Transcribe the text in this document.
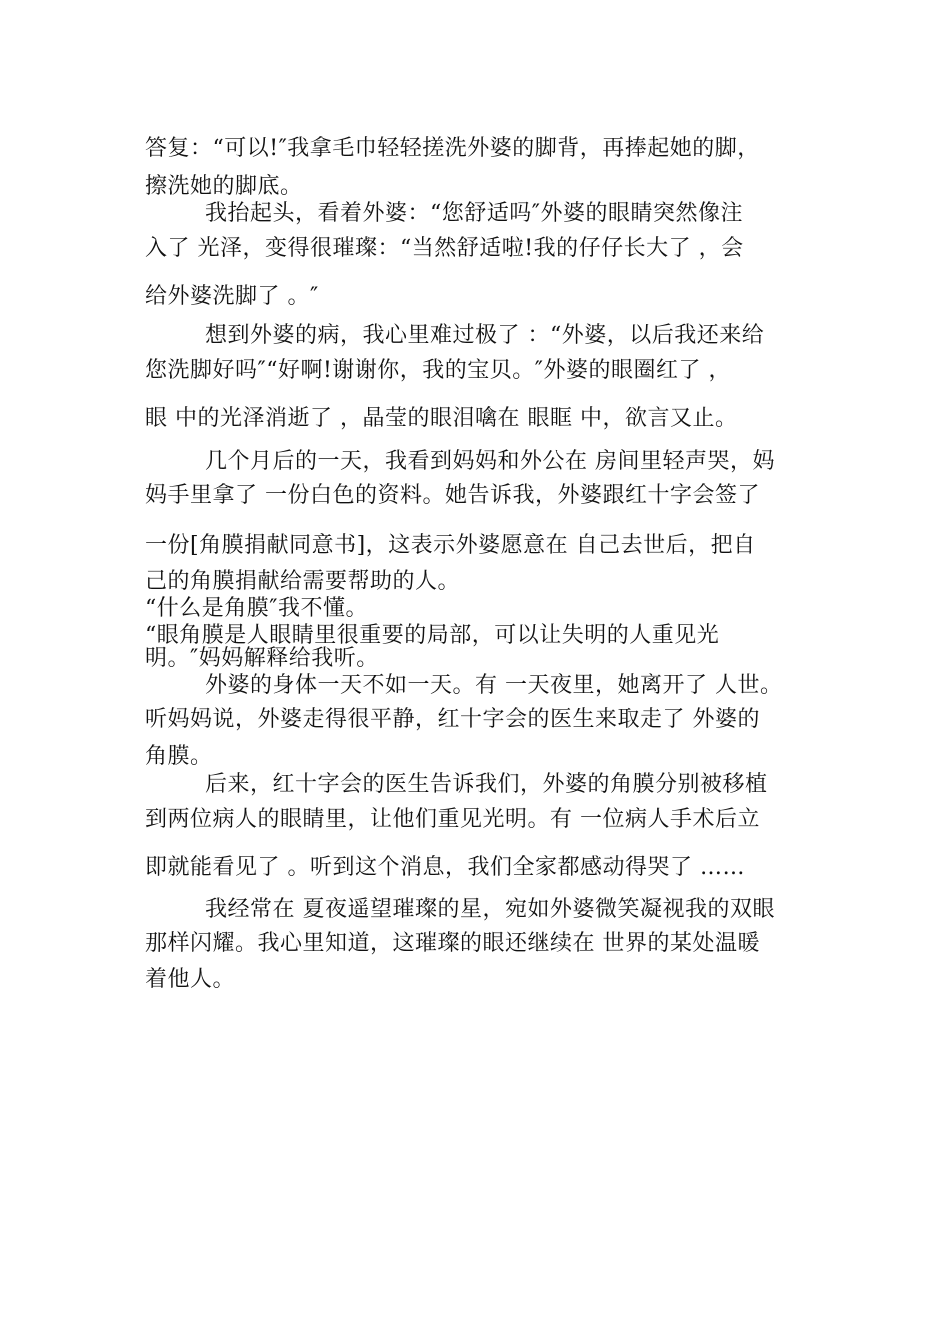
答复：“可以!″我拿毛巾轻轻搓洗外婆的脚背，再捧起她的脚，
擦洗她的脚底。
我抬起头，看着外婆：“您舒适吗″外婆的眼睛突然像注
入了 光泽，变得很璀璨：“当然舒适啦!我的仔仔长大了 ，会
给外婆洗脚了 。″
想到外婆的病，我心里难过极了 ：“外婆，以后我还来给
您洗脚好吗″“好啊!谢谢你，我的宝贝。″外婆的眼圈红了 ，
眼 中的光泽消逝了 ，晶莹的眼泪噙在 眼眶 中，欲言又止。
几个月后的一天，我看到妈妈和外公在 房间里轻声哭，妈
妈手里拿了 一份白色的资料。她告诉我，外婆跟红十字会签了
一份[角膜捐献同意书]，这表示外婆愿意在 自己去世后，把自
己的角膜捐献给需要帮助的人。
“什么是角膜″我不懂。
“眼角膜是人眼睛里很重要的局部，可以让失明的人重见光
明。″妈妈解释给我听。
外婆的身体一天不如一天。有 一天夜里，她离开了 人世。
听妈妈说，外婆走得很平静，红十字会的医生来取走了 外婆的
角膜。
后来，红十字会的医生告诉我们，外婆的角膜分别被移植
到两位病人的眼睛里，让他们重见光明。有 一位病人手术后立
即就能看见了 。听到这个消息，我们全家都感动得哭了 ……
我经常在 夏夜遥望璀璨的星，宛如外婆微笑凝视我的双眼
那样闪耀。我心里知道，这璀璨的眼还继续在 世界的某处温暖
着他人。
